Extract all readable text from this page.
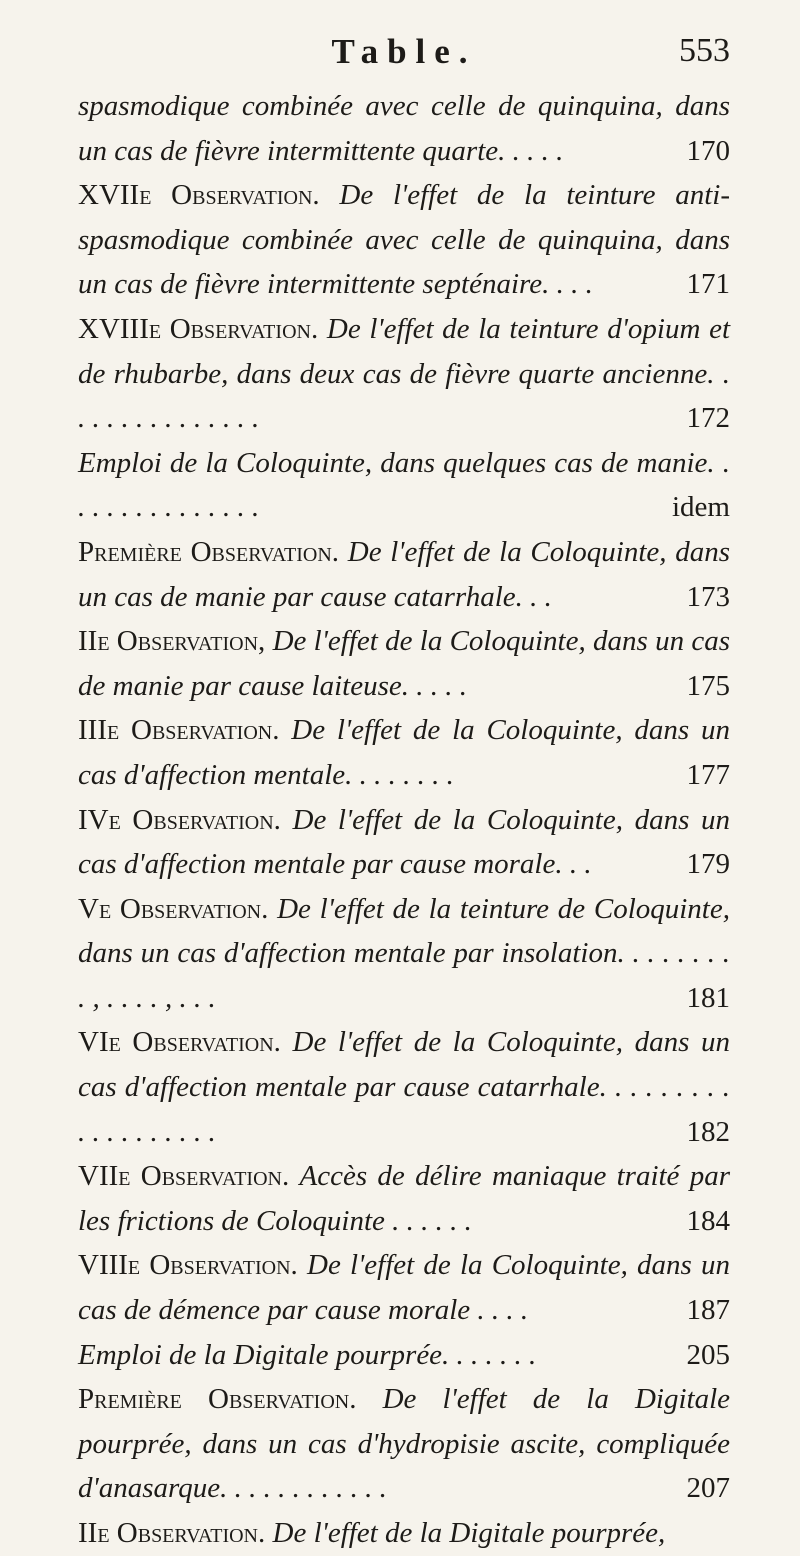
Table.	553
spasmodique combinée avec celle de quinquina, dans un cas de fièvre intermittente quarte. . . . .	170
XVIIe Observation. De l'effet de la teinture anti-spasmodique combinée avec celle de quinquina, dans un cas de fièvre intermittente septénaire. . . .	171
XVIIIe Observation. De l'effet de la teinture d'opium et de rhubarbe, dans deux cas de fièvre quarte ancienne. . . . . . . . . . . . . . .	172
Emploi de la Coloquinte, dans quelques cas de manie. . . . . . . . . . . . . . .	idem
Première Observation. De l'effet de la Coloquinte, dans un cas de manie par cause catarrhale. . .	173
IIe Observation, De l'effet de la Coloquinte, dans un cas de manie par cause laiteuse. . . . .	175
IIIe Observation. De l'effet de la Coloquinte, dans un cas d'affection mentale. . . . . . . .	177
IVe Observation. De l'effet de la Coloquinte, dans un cas d'affection mentale par cause morale. . .	179
Ve Observation. De l'effet de la teinture de Coloquinte, dans un cas d'affection mentale par insolation. . . . . . . . . , . . . . , . . .	181
VIe Observation. De l'effet de la Coloquinte, dans un cas d'affection mentale par cause catarrhale. . . . . . . . . . . . . . . . . . .	182
VIIe Observation. Accès de délire maniaque traité par les frictions de Coloquinte . . . . . .	184
VIIIe Observation. De l'effet de la Coloquinte, dans un cas de démence par cause morale . . . .	187
Emploi de la Digitale pourprée. . . . . . .	205
Première Observation. De l'effet de la Digitale pourprée, dans un cas d'hydropisie ascite, compliquée d'anasarque. . . . . . . . . . . .	207
IIe Observation. De l'effet de la Digitale pourprée,
